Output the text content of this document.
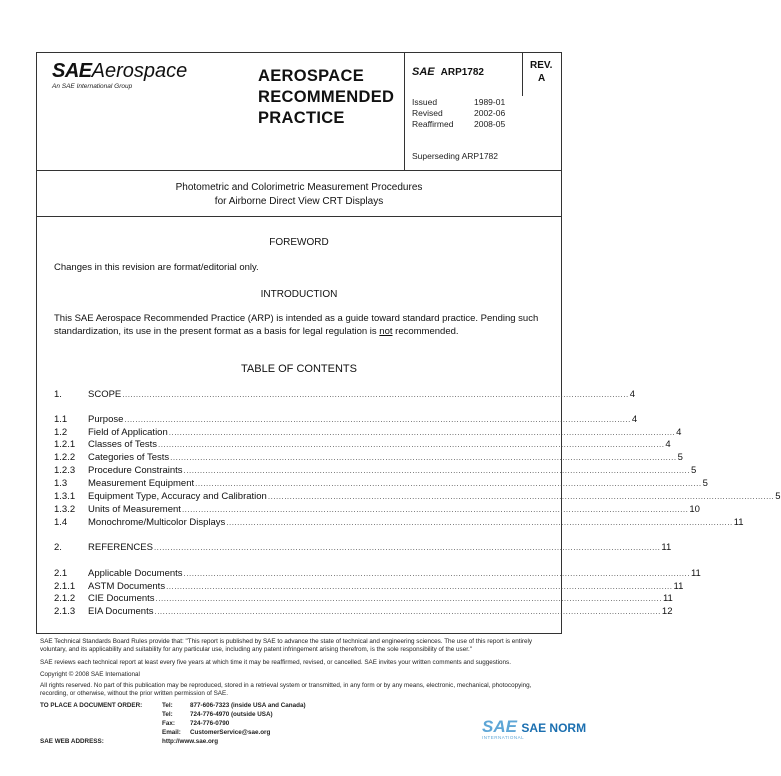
SAEAerospace
An SAE International Group
AEROSPACE
RECOMMENDED
PRACTICE
SAE ARP1782
REV.
A
Issued	1989-01
Revised	2002-06
Reaffirmed 2008-05
Superseding ARP1782
Photometric and Colorimetric Measurement Procedures
for Airborne Direct View CRT Displays
FOREWORD
Changes in this revision are format/editorial only.
INTRODUCTION
This SAE Aerospace Recommended Practice (ARP) is intended as a guide toward standard practice. Pending such standardization, its use in the present format as a basis for legal regulation is not recommended.
TABLE OF CONTENTS
1.	SCOPE .......................................................................................................................................................................................... 4
1.1	Purpose .......................................................................................................................................................................................... 4
1.2	Field of Application .......................................................................................................................................................................................... 4
1.2.1	Classes of Tests .......................................................................................................................................................................................... 4
1.2.2	Categories of Tests .......................................................................................................................................................................................... 5
1.2.3	Procedure Constraints .......................................................................................................................................................................................... 5
1.3	Measurement Equipment .......................................................................................................................................................................................... 5
1.3.1	Equipment Type, Accuracy and Calibration .......................................................................................................................................................................................... 5
1.3.2	Units of Measurement .......................................................................................................................................................................................... 10
1.4	Monochrome/Multicolor Displays .......................................................................................................................................................................................... 11
2.	REFERENCES .......................................................................................................................................................................................... 11
2.1	Applicable Documents .......................................................................................................................................................................................... 11
2.1.1	ASTM Documents .......................................................................................................................................................................................... 11
2.1.2	CIE Documents .......................................................................................................................................................................................... 11
2.1.3	EIA Documents .......................................................................................................................................................................................... 12
SAE Technical Standards Board Rules provide that: "This report is published by SAE to advance the state of technical and engineering sciences. The use of this report is entirely voluntary, and its applicability and suitability for any particular use, including any patent infringement arising therefrom, is the sole responsibility of the user."
SAE reviews each technical report at least every five years at which time it may be reaffirmed, revised, or cancelled. SAE invites your written comments and suggestions.
Copyright © 2008 SAE International
All rights reserved. No part of this publication may be reproduced, stored in a retrieval system or transmitted, in any form or by any means, electronic, mechanical, photocopying, recording, or otherwise, without the prior written permission of SAE.
TO PLACE A DOCUMENT ORDER:	Tel:	877-606-7323 (inside USA and Canada)
Tel:	724-776-4970 (outside USA)
Fax: 724-776-0790
Email: CustomerService@sae.org
SAE WEB ADDRESS:	http://www.sae.org
SAE SAE NORM
INTERNATIONAL
